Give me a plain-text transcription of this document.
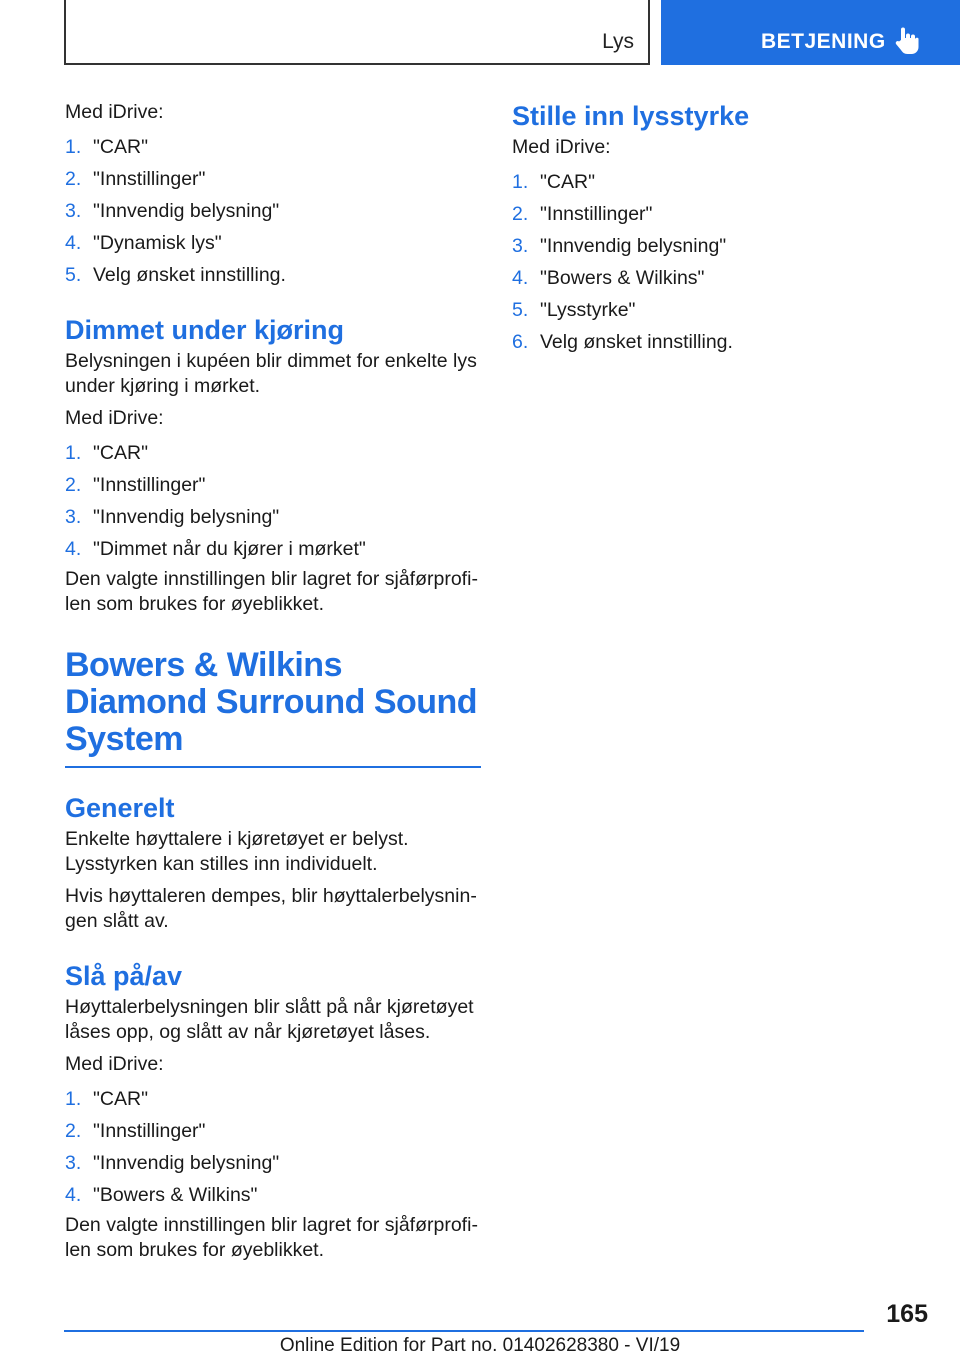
Lys	BETJENING

Med iDrive:

1. "CAR"
2. "Innstillinger"
3. "Innvendig belysning"
4. "Dynamisk lys"
5. Velg ønsket innstilling.
Dimmet under kjøring

Belysningen i kupéen blir dimmet for enkelte lys under kjøring i mørket.

Med iDrive:

1. "CAR"
2. "Innstillinger"
3. "Innvendig belysning"
4. "Dimmet når du kjører i mørket"

Den valgte innstillingen blir lagret for sjåførprofilen som brukes for øyeblikket.

Bowers & Wilkins Diamond Surround Sound System
Generelt

Enkelte høyttalere i kjøretøyet er belyst. Lysstyrken kan stilles inn individuelt.

Hvis høyttaleren dempes, blir høyttalerbelysningen slått av.

Slå på/av

Høyttalerbelysningen blir slått på når kjøretøyet låses opp, og slått av når kjøretøyet låses.

Med iDrive:

1. "CAR"
2. "Innstillinger"
3. "Innvendig belysning"
4. "Bowers & Wilkins"

Den valgte innstillingen blir lagret for sjåførprofilen som brukes for øyeblikket.

Stille inn lysstyrke

Med iDrive:

1. "CAR"
2. "Innstillinger"
3. "Innvendig belysning"
4. "Bowers & Wilkins"
5. "Lysstyrke"
6. Velg ønsket innstilling.
165
Online Edition for Part no. 01402628380 - VI/19
